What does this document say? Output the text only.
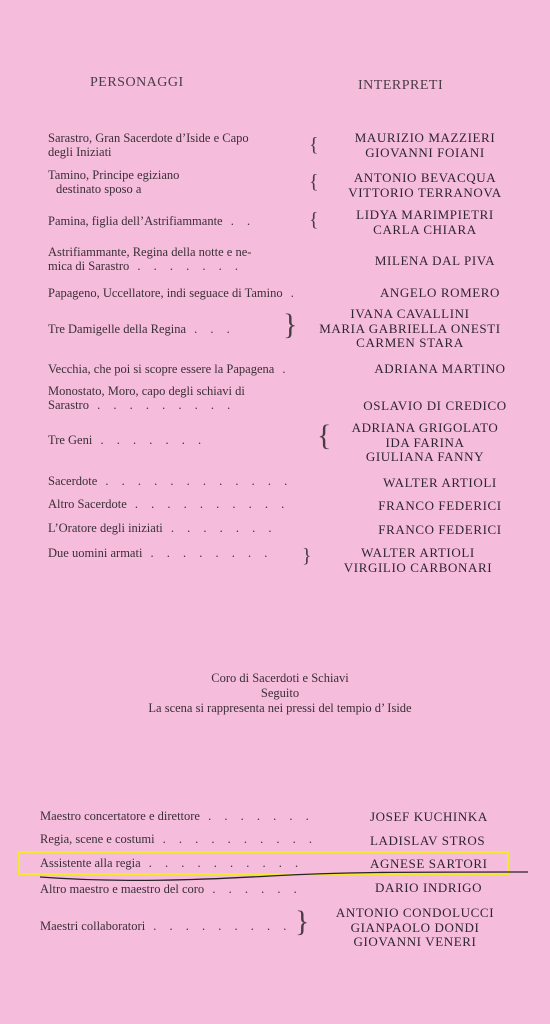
PERSONAGGI	INTERPRETI
Sarastro, Gran Sacerdote d’Iside e Capo
degli Iniziati	{	MAURIZIO MAZZIERI
GIOVANNI FOIANI
Tamino, Principe egiziano
destinato sposo a	{	ANTONIO BEVACQUA
VITTORIO TERRANOVA
Pamina, figlia dell’Astrifiammante . .	{	LIDYA MARIMPIETRI
CARLA CHIARA
Astrifiammante, Regina della notte e ne-
mica di Sarastro . . . . . . .	MILENA DAL PIVA
Papageno, Uccellatore, indi seguace di Tamino .	ANGELO ROMERO
Tre Damigelle della Regina . . . }	IVANA CAVALLINI
MARIA GABRIELLA ONESTI
CARMEN STARA
Vecchia, che poi si scopre essere la Papagena .	ADRIANA MARTINO
Monostato, Moro, capo degli schiavi di
Sarastro . . . . . . . . .	OSLAVIO DI CREDICO
Tre Geni . . . . . . .	{	ADRIANA GRIGOLATO
IDA FARINA
GIULIANA FANNY
Sacerdote . . . . . . . . . . . .	WALTER ARTIOLI
Altro Sacerdote . . . . . . . . . .	FRANCO FEDERICI
L’Oratore degli iniziati . . . . . . .	FRANCO FEDERICI
Due uomini armati . . . . . . . . }	WALTER ARTIOLI
VIRGILIO CARBONARI
Coro di Sacerdoti e Schiavi
Seguito
La scena si rappresenta nei pressi del tempio d’ Iside
Maestro concertatore e direttore . . . . . . .	JOSEF KUCHINKA
Regia, scene e costumi . . . . . . . . . .	LADISLAV STROS
Assistente alla regia . . . . . . . . . .	AGNESE SARTORI
Altro maestro e maestro del coro . . . . . .	DARIO INDRIGO
Maestri collaboratori . . . . . . . . . }	ANTONIO CONDOLUCCI
GIANPAOLO DONDI
GIOVANNI VENERI
